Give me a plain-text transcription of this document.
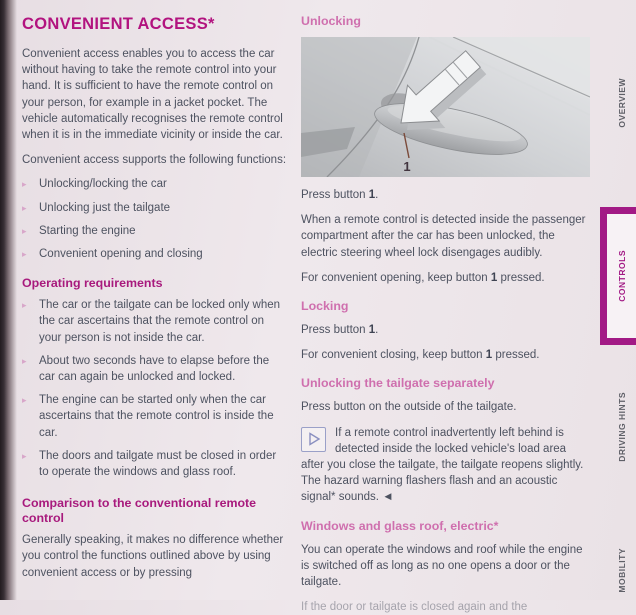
CONVENIENT ACCESS*

Convenient access enables you to access the car without having to take the remote control into your hand. It is sufficient to have the remote control on your person, for example in a jacket pocket. The vehicle automatically recognises the remote control when it is in the immediate vicinity or inside the car.

Convenient access supports the following functions:

▸
Unlocking/locking the car
▸
Unlocking just the tailgate
▸
Starting the engine
▸
Convenient opening and closing
Operating requirements
▸
The car or the tailgate can be locked only when the car ascertains that the remote control on your person is not inside the car.
▸
About two seconds have to elapse before the car can again be unlocked and locked.
▸
The engine can be started only when the car ascertains that the remote control is inside the car.
▸
The doors and tailgate must be closed in order to operate the windows and glass roof.
Comparison to the conventional remote control

Generally speaking, it makes no difference whether you control the functions outlined above by using convenient access or by pressing

Unlocking
1

Press button 1.

When a remote control is detected inside the passenger compartment after the car has been unlocked, the electric steering wheel lock disengages audibly.

For convenient opening, keep button 1 pressed.

Locking

Press button 1.

For convenient closing, keep button 1 pressed.

Unlocking the tailgate separately

Press button on the outside of the tailgate.

If a remote control inadvertently left behind is detected inside the locked vehicle's load area after you close the tailgate, the tailgate reopens slightly. The hazard warning flashers flash and an acoustic signal* sounds. ◄

Windows and glass roof, electric*

You can operate the windows and roof while the engine is switched off as long as no one opens a door or the tailgate.

If the door or tailgate is closed again and the

OVERVIEW
CONTROLS
DRIVING HINTS
MOBILITY
